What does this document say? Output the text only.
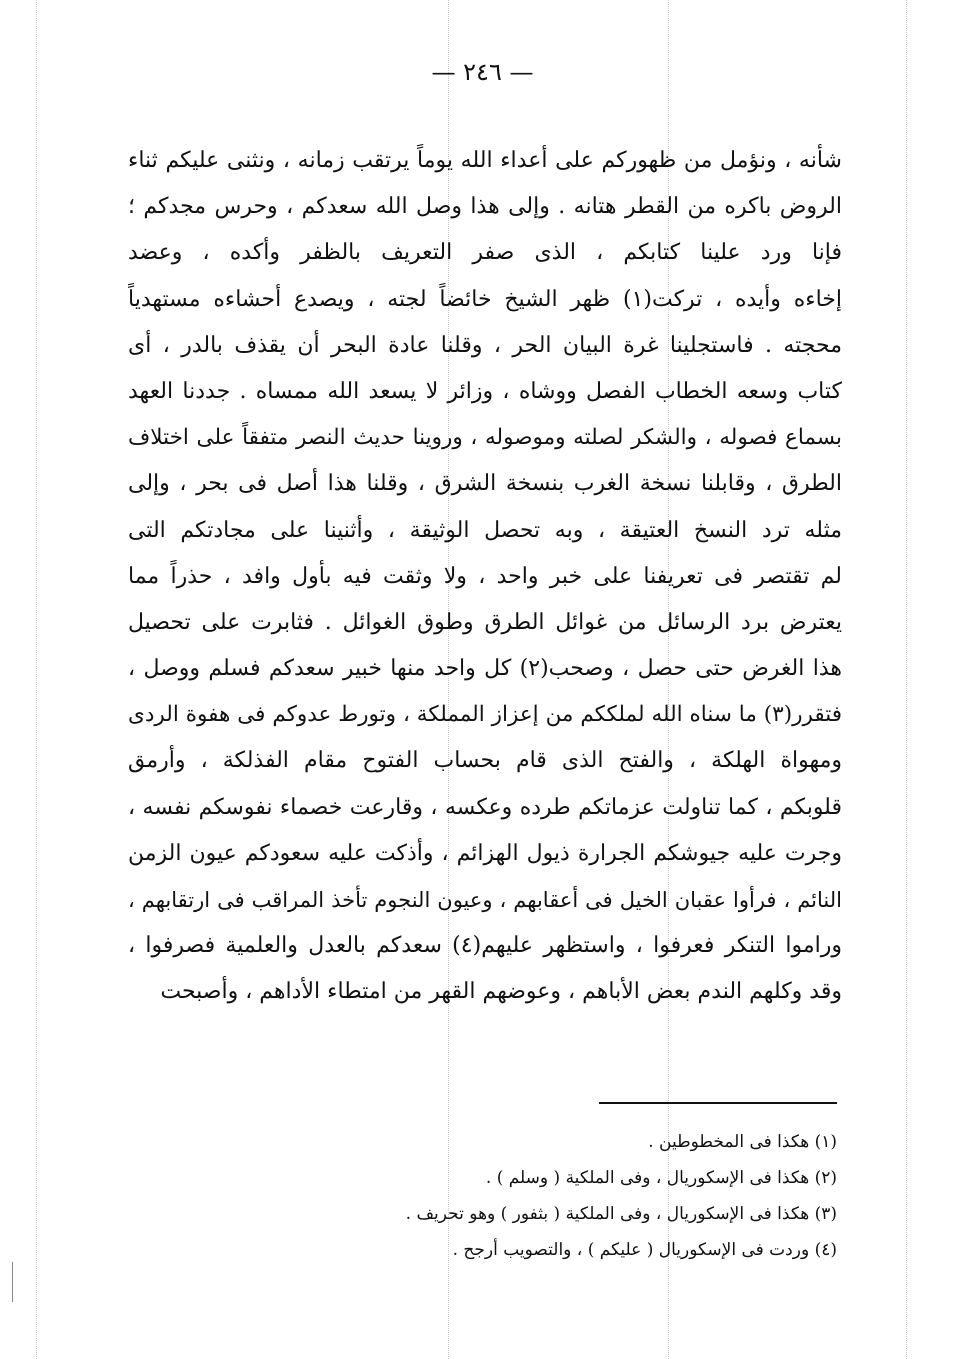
— ٢٤٦ —
شأنه ، ونؤمل من ظهوركم على أعداء الله يوماً يرتقب زمانه ، ونثنى عليكم ثناء
الروض باكره من القطر هتانه . وإلى هذا وصل الله سعدكم ، وحرس مجدكم ؛
فإنا ورد علينا كتابكم ، الذى صفر التعريف بالظفر وأكده ، وعضد
إخاءه وأيده ، تركت(١) ظهر الشيخ خائضاً لجته ، ويصدع أحشاءه مستهدياً
محجته . فاستجلينا غرة البيان الحر ، وقلنا عادة البحر أن يقذف بالدر ، أى
كتاب وسعه الخطاب الفصل ووشاه ، وزائر لا يسعد الله ممساه . جددنا العهد
بسماع فصوله ، والشكر لصلته وموصوله ، وروينا حديث النصر متفقاً على اختلاف
الطرق ، وقابلنا نسخة الغرب بنسخة الشرق ، وقلنا هذا أصل فى بحر ، وإلى
مثله ترد النسخ العتيقة ، وبه تحصل الوثيقة ، وأثنينا على مجادتكم التى
لم تقتصر فى تعريفنا على خبر واحد ، ولا وثقت فيه بأول وافد ، حذراً مما
يعترض برد الرسائل من غوائل الطرق وطوق الغوائل . فثابرت على تحصيل
هذا الغرض حتى حصل ، وصحب(٢) كل واحد منها خبير سعدكم فسلم ووصل ،
فتقرر(٣) ما سناه الله لملككم من إعزاز المملكة ، وتورط عدوكم فى هفوة الردى
ومهواة الهلكة ، والفتح الذى قام بحساب الفتوح مقام الفذلكة ، وأرمق
قلوبكم ، كما تناولت عزماتكم طرده وعكسه ، وقارعت خصماء نفوسكم نفسه ،
وجرت عليه جيوشكم الجرارة ذيول الهزائم ، وأذكت عليه سعودكم عيون الزمن
النائم ، فرأوا عقبان الخيل فى أعقابهم ، وعيون النجوم تأخذ المراقب فى ارتقابهم ،
وراموا التنكر فعرفوا ، واستظهر عليهم(٤) سعدكم بالعدل والعلمية فصرفوا ،
وقد وكلهم الندم بعض الأباهم ، وعوضهم القهر من امتطاء الأداهم ، وأصبحت
(١) هكذا فى المخطوطين .
(٢) هكذا فى الإسكوريال ، وفى الملكية ( وسلم ) .
(٣) هكذا فى الإسكوريال ، وفى الملكية ( بثفور ) وهو تحريف .
(٤) وردت فى الإسكوريال ( عليكم ) ، والتصويب أرجح .
